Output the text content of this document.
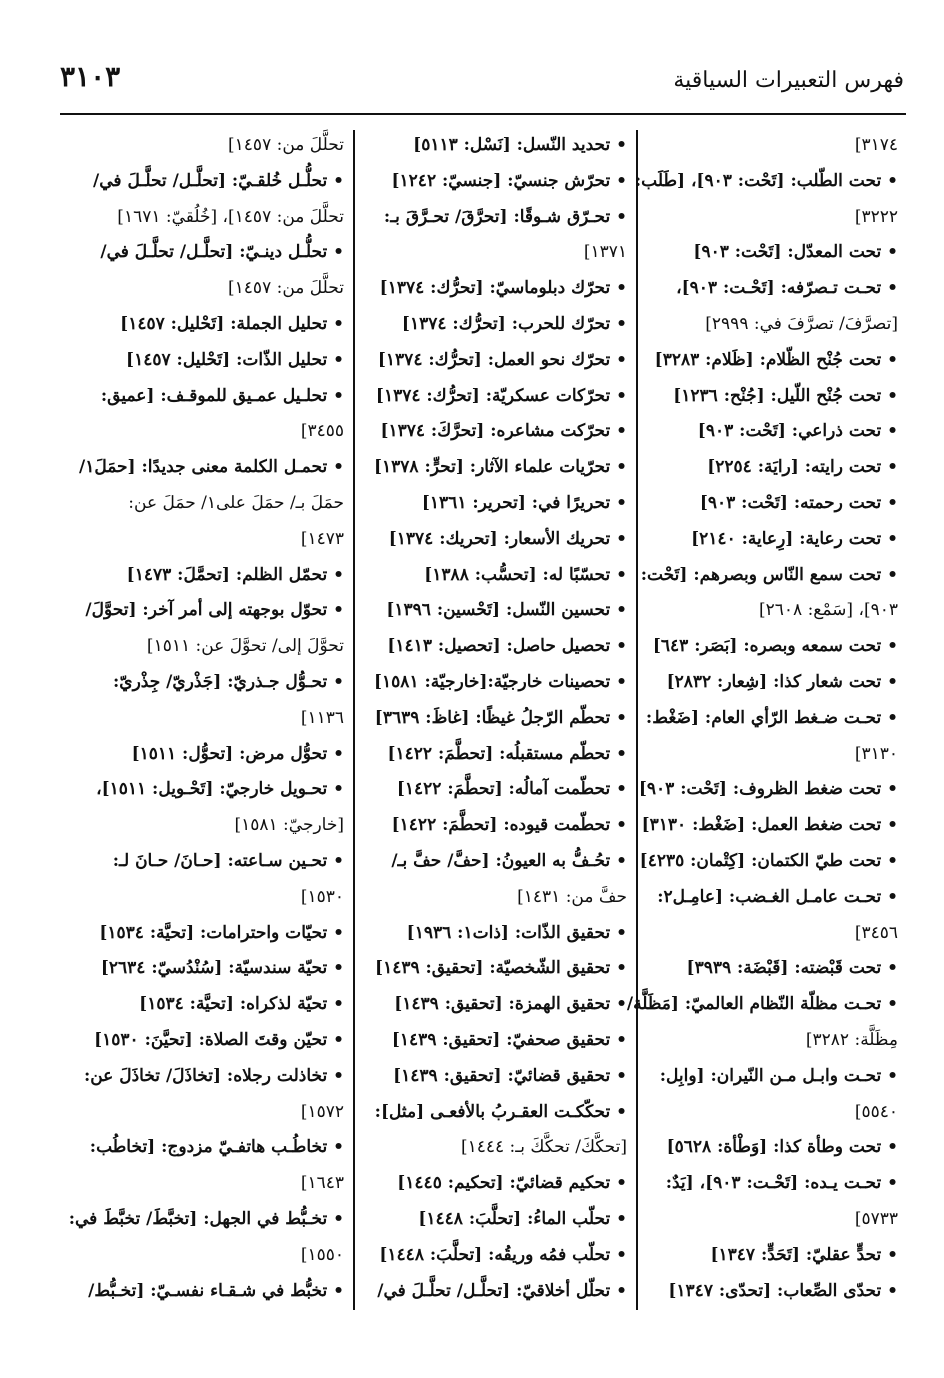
فهرس التعبيرات السياقية
٣١٠٣
٣١٧٤]
• تحت الطّلب: [تَحْت: ٩٠٣]، [طَلَب:
٣٢٢٢]
• تحت المعدّل: [تَحْت: ٩٠٣]
• تحـت تـصرّفه: [تَحْـت: ٩٠٣]،
[تصرَّفَ/ تصرَّفَ في: ٢٩٩٩]
• تحت جُنْح الظّلام: [ظَلام: ٣٢٨٣]
• تحت جُنْح اللّيل: [جُنْح: ١٢٣٦]
• تحت ذراعي: [تَحْت: ٩٠٣]
• تحت رايته: [رايَة: ٢٢٥٤]
• تحت رحمته: [تَحْت: ٩٠٣]
• تحت رعاية: [رِعاية: ٢١٤٠]
• تحت سمع النّاس وبصرهم: [تَحْت:
٩٠٣]، [سَمْع: ٢٦٠٨]
• تحت سمعه وبصره: [بَصَر: ٦٤٣]
• تحت شعار كذا: [شِعار: ٢٨٣٢]
• تحـت ضـغط الرّأي العام: [ضَغْط:
٣١٣٠]
• تحت ضغط الظروف: [تَحْت: ٩٠٣]
• تحت ضغط العمل: [ضَغْط: ٣١٣٠]
• تحت طيّ الكتمان: [كِتْمان: ٤٢٣٥]
• تحـت عامـل الغـضب: [عامِـل٢:
٣٤٥٦]
• تحت قَبْضته: [قَبْضَة: ٣٩٣٩]
• تحـت مظلّة النّظام العالميّ: [مَظَلَّة/
مِظَلَّة: ٣٢٨٢]
• تحـت وابـل مـن النّيران: [وابِل:
٥٥٤٠]
• تحت وطأة كذا: [وَطْأة: ٥٦٢٨]
• تحـت يـده: [تَحْـت: ٩٠٣]، [يَدٌ:
٥٧٣٣]
• تحدٍّ عقليّ: [تَحَدٍّ: ١٣٤٧]
• تحدّى الصِّعاب: [تحدّى: ١٣٤٧]
• تحديد النّسل: [نَسْل: ٥١١٣]
• تحرّش جنسيّ: [جنسيّ: ١٢٤٢]
• تحـرّق شـوقًا: [تحرَّقَ/ تحـرَّقَ بـ:
١٣٧١]
• تحرّك دبلوماسيّ: [تحرُّك: ١٣٧٤]
• تحرّك للحرب: [تحرُّك: ١٣٧٤]
• تحرّك نحو العمل: [تحرُّك: ١٣٧٤]
• تحرّكات عسكريّة: [تحرُّك: ١٣٧٤]
• تحرّكت مشاعره: [تحرَّكَ: ١٣٧٤]
• تحرّيات علماء الآثار: [تحرٍّ: ١٣٧٨]
• تحريرًا في: [تحرير: ١٣٦١]
• تحريك الأسعار: [تحريك: ١٣٧٤]
• تحسّبًا له: [تحسُّب: ١٣٨٨]
• تحسين النّسل: [تَحْسين: ١٣٩٦]
• تحصيل حاصل: [تحصيل: ١٤١٣]
• تحصينات خارجيّة:[خارجيّة: ١٥٨١]
• تحطّم الرّجلُ غيظًا: [غاظَ: ٣٦٣٩]
• تحطّم مستقبلُه: [تحطَّمَ: ١٤٢٢]
• تحطّمت آمالُه: [تحطَّمَ: ١٤٢٢]
• تحطّمت قيوده: [تحطَّمَ: ١٤٢٢]
• تحُـفُّ به العيونُ: [حفَّ/ حفَّ بـ/
حفَّ من: ١٤٣١]
• تحقيق الذّات: [ذات١: ١٩٣٦]
• تحقيق الشّخصيّة: [تحقيق: ١٤٣٩]
• تحقيق الهمزة: [تحقيق: ١٤٣٩]
• تحقيق صحفيّ: [تحقيق: ١٤٣٩]
• تحقيق قضائيّ: [تحقيق: ١٤٣٩]
• تحكّكـت العقـربُ بالأفعـى [مثل]:
[تحكَّكَ/ تحكَّكَ بـ: ١٤٤٤]
• تحكيم قضائيّ: [تحكيم: ١٤٤٥]
• تحلّب الماءُ: [تحلَّبَ: ١٤٤٨]
• تحلّب فمُه وريقُه: [تحلَّبَ: ١٤٤٨]
• تحلّل أخلاقيّ: [تحلَّـل/ تحلَّـلَ في/
تحلَّلَ من: ١٤٥٧]
• تحلُّـل خُلقـيّ: [تحلَّـل/ تحلَّـلَ في/
تحلَّلَ من: ١٤٥٧]، [خُلُقيّ: ١٦٧١]
• تحلُّـل دينـيّ: [تحلَّـل/ تحلَّـلَ في/
تحلَّلَ من: ١٤٥٧]
• تحليل الجملة: [تَحْليل: ١٤٥٧]
• تحليل الذّات: [تَحْليل: ١٤٥٧]
• تحلـيل عمـيق للموقـف: [عميق:
٣٤٥٥]
• تحمـل الكلمة معنى جديدًا: [حمَلَ١/
حمَلَ بـ/ حمَلَ على١/ حمَلَ عن:
١٤٧٣]
• تحمّل الظلم: [تحمَّلَ: ١٤٧٣]
• تحوّل بوجهته إلى أمر آخر: [تحوَّلَ/
تحوَّلَ إلى/ تحوَّلَ عن: ١٥١١]
• تحـوُّل جـذريّ: [جَذْريّ/ جِذْريّ:
١١٣٦]
• تحوُّل مرض: [تحوُّل: ١٥١١]
• تحـويل خارجيّ: [تَحْـويل: ١٥١١]،
[خارجيّ: ١٥٨١]
• تحـين سـاعته: [حـانَ/ حـانَ لـ:
١٥٣٠]
• تحيّات واحترامات: [تحيَّة: ١٥٣٤]
• تحيّة سندسيّة: [سُنْدُسيّ: ٢٦٣٤]
• تحيّة لذكراه: [تحيَّة: ١٥٣٤]
• تحيّن وقتَ الصلاة: [تحيَّنَ: ١٥٣٠]
• تخاذلت رجلاه: [تخاذَلَ/ تخاذَلَ عن:
١٥٧٢]
• تخاطُـب هاتفـيّ مزدوج: [تخاطُب:
١٦٤٣]
• تخـبُّط في الجهل: [تخبَّطَ/ تخبَّطَ في:
١٥٥٠]
• تخبُّط في شـقـاء نفسـيّ: [تخـبُّط/
